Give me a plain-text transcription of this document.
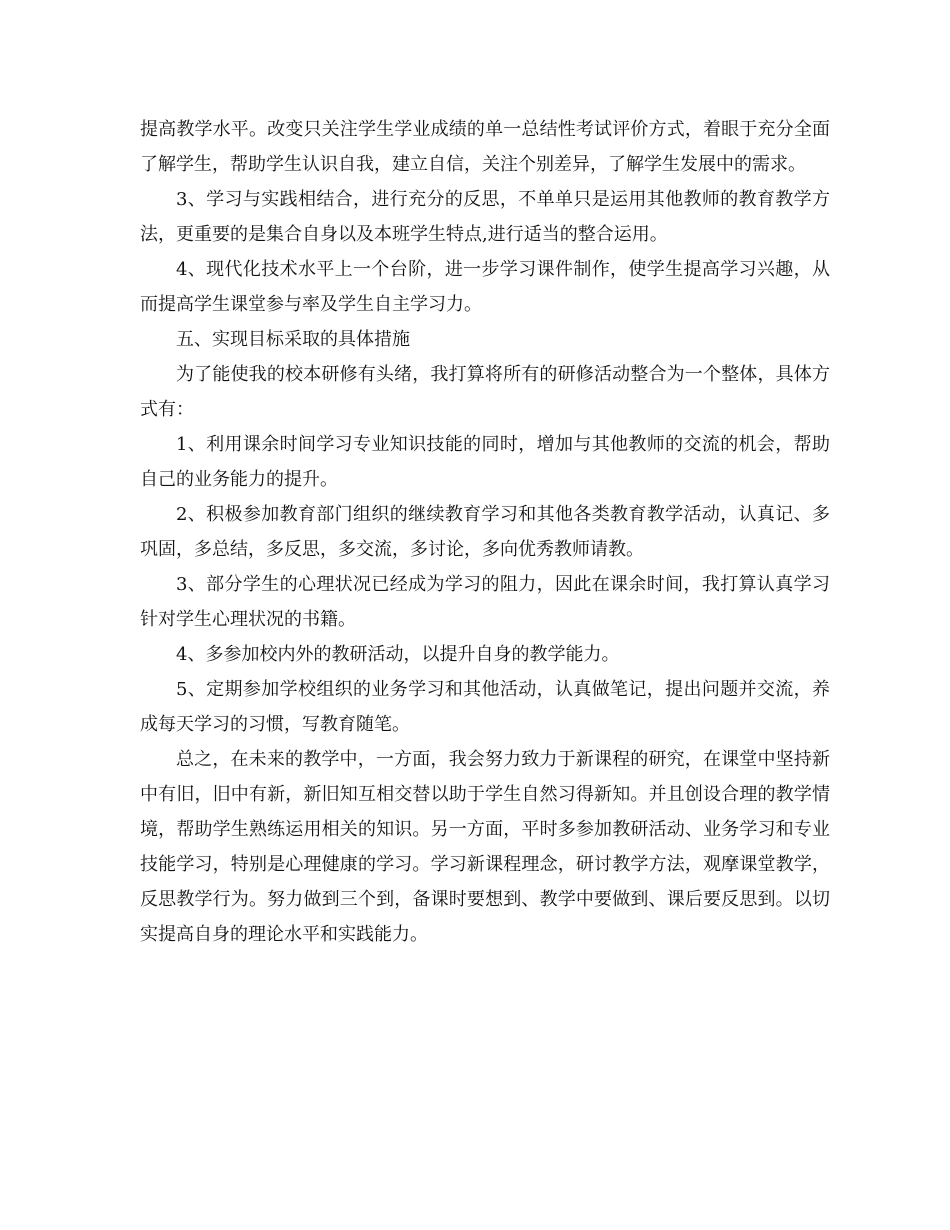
提高教学水平。改变只关注学生学业成绩的单一总结性考试评价方式，着眼于充分全面了解学生，帮助学生认识自我，建立自信，关注个别差异，了解学生发展中的需求。

3、学习与实践相结合，进行充分的反思，不单单只是运用其他教师的教育教学方法，更重要的是集合自身以及本班学生特点,进行适当的整合运用。

4、现代化技术水平上一个台阶，进一步学习课件制作，使学生提高学习兴趣，从而提高学生课堂参与率及学生自主学习力。

五、实现目标采取的具体措施

为了能使我的校本研修有头绪，我打算将所有的研修活动整合为一个整体，具体方式有：

1、利用课余时间学习专业知识技能的同时，增加与其他教师的交流的机会，帮助自己的业务能力的提升。

2、积极参加教育部门组织的继续教育学习和其他各类教育教学活动，认真记、多巩固，多总结，多反思，多交流，多讨论，多向优秀教师请教。

3、部分学生的心理状况已经成为学习的阻力，因此在课余时间，我打算认真学习针对学生心理状况的书籍。

4、多参加校内外的教研活动，以提升自身的教学能力。

5、定期参加学校组织的业务学习和其他活动，认真做笔记，提出问题并交流，养成每天学习的习惯，写教育随笔。

总之，在未来的教学中，一方面，我会努力致力于新课程的研究，在课堂中坚持新中有旧，旧中有新，新旧知互相交替以助于学生自然习得新知。并且创设合理的教学情境，帮助学生熟练运用相关的知识。另一方面，平时多参加教研活动、业务学习和专业技能学习，特别是心理健康的学习。学习新课程理念，研讨教学方法，观摩课堂教学，反思教学行为。努力做到三个到，备课时要想到、教学中要做到、课后要反思到。以切实提高自身的理论水平和实践能力。
